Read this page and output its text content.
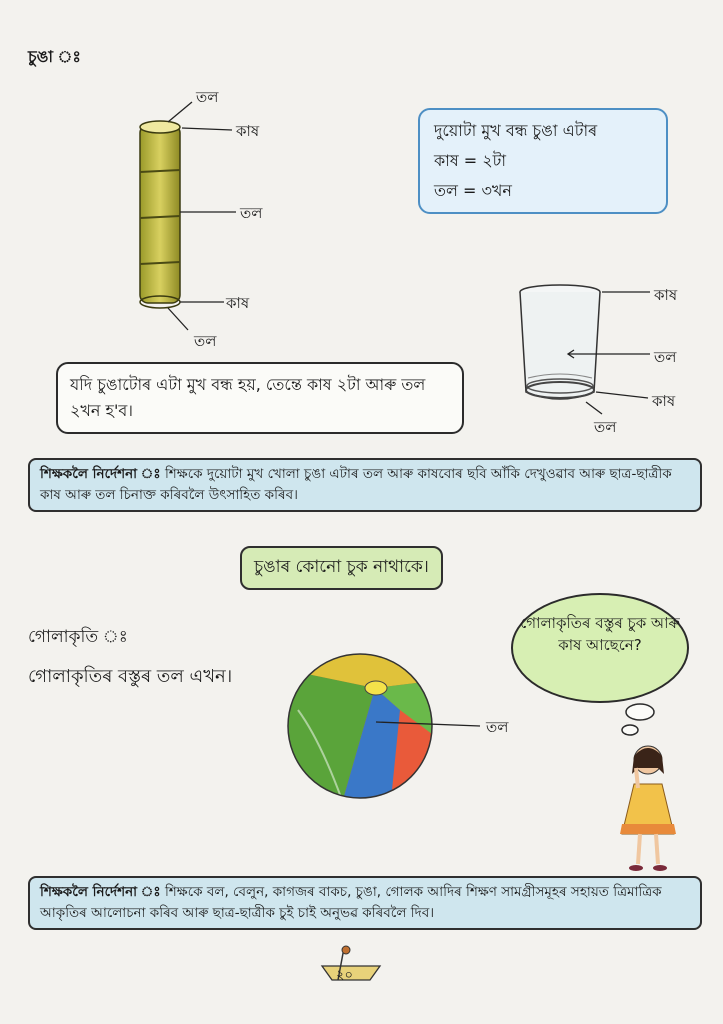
চুঙা ঃ
তল
কাষ
তল
কাষ
তল
দুয়োটা মুখ বন্ধ চুঙা এটাৰ
কাষ = ২টা
তল = ৩খন
কাষ
তল
কাষ
তল
যদি চুঙাটোৰ এটা মুখ বন্ধ হয়, তেন্তে কাষ ২টা আৰু তল ২খন হ'ব।
শিক্ষকলৈ নিৰ্দেশনা ঃ শিক্ষকে দুয়োটা মুখ খোলা চুঙা এটাৰ তল আৰু কাষবোৰ ছবি আঁকি দেখুওৱাব আৰু ছাত্ৰ-ছাত্ৰীক কাষ আৰু তল চিনাক্ত কৰিবলৈ উৎসাহিত কৰিব।
চুঙাৰ কোনো চুক নাথাকে।
গোলাকৃতি ঃ
গোলাকৃতিৰ বস্তুৰ তল এখন।
তল
গোলাকৃতিৰ বস্তুৰ চুক আৰু কাষ আছেনে?
শিক্ষকলৈ নিৰ্দেশনা ঃ শিক্ষকে বল, বেলুন, কাগজৰ বাকচ, চুঙা, গোলক আদিৰ শিক্ষণ সামগ্ৰীসমূহৰ সহায়ত ত্ৰিমাত্ৰিক আকৃতিৰ আলোচনা কৰিব আৰু ছাত্ৰ-ছাত্ৰীক চুই চাই অনুভৱ কৰিবলৈ দিব।
২০
